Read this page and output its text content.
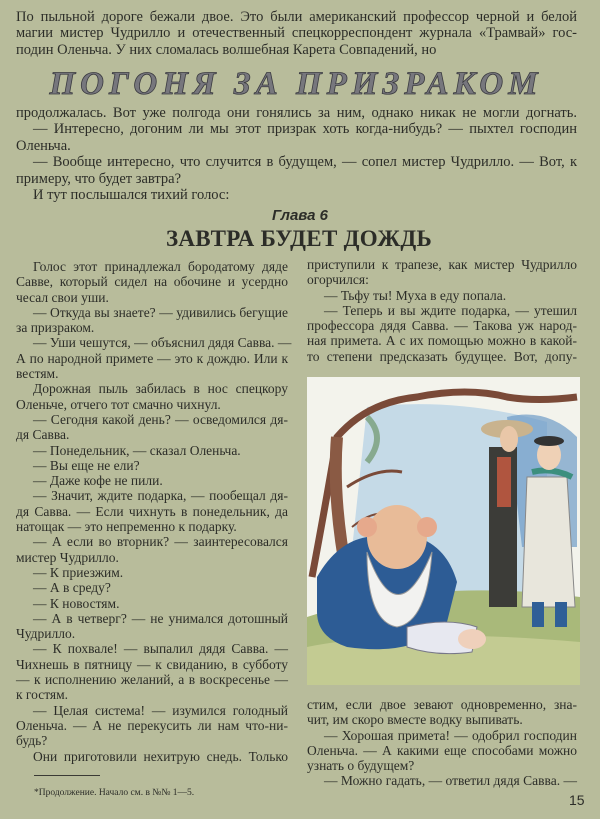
По пыльной дороге бежали двое. Это были американский профессор черной и белой
магии мистер Чудрилло и отечественный спецкорреспондент журнала «Трамвай» гос-
подин Оленьча. У них сломалась волшебная Карета Совпадений, но
ПОГОНЯ ЗА ПРИЗРАКОМ
продолжалась. Вот уже полгода они гонялись за ним, однако никак не могли догнать.
— Интересно, догоним ли мы этот призрак хоть когда-нибудь? — пыхтел господин
Оленьча.
— Вообще интересно, что случится в будущем, — сопел мистер Чудрилло. — Вот, к
примеру, что будет завтра?
И тут послышался тихий голос:
Глава 6
ЗАВТРА БУДЕТ ДОЖДЬ
Голос этот принадлежал бородатому дяде
Савве, который сидел на обочине и усердно
чесал свои уши.
— Откуда вы знаете? — удивились бегущие
за призраком.
— Уши чешутся, — объяснил дядя Савва. —
А по народной примете — это к дождю. Или к
вестям.
Дорожная пыль забилась в нос спецкору
Оленьче, отчего тот смачно чихнул.
— Сегодня какой день? — осведомился дя-
дя Савва.
— Понедельник, — сказал Оленьча.
— Вы еще не ели?
— Даже кофе не пили.
— Значит, ждите подарка, — пообещал дя-
дя Савва. — Если чихнуть в понедельник, да
натощак — это непременно к подарку.
— А если во вторник? — заинтересовался
мистер Чудрилло.
— К приезжим.
— А в среду?
— К новостям.
— А в четверг? — не унимался дотошный
Чудрилло.
— К похвале! — выпалил дядя Савва. —
Чихнешь в пятницу — к свиданию, в субботу
— к исполнению желаний, а в воскресенье —
к гостям.
— Целая система! — изумился голодный
Оленьча. — А не перекусить ли нам что-ни-
будь?
Они приготовили нехитрую снедь. Только
приступили к трапезе, как мистер Чудрилло
огорчился:
— Тьфу ты! Муха в еду попала.
— Теперь и вы ждите подарка, — утешил
профессора дядя Савва. — Такова уж народ-
ная примета. А с их помощью можно в какой-
то степени предсказать будущее. Вот, допу-
стим, если двое зевают одновременно, зна-
чит, им скоро вместе водку выпивать.
— Хорошая примета! — одобрил господин
Оленьча. — А какими еще способами можно
узнать о будущем?
— Можно гадать, — ответил дядя Савва. —
*Продолжение. Начало см. в №№ 1—5.	15
